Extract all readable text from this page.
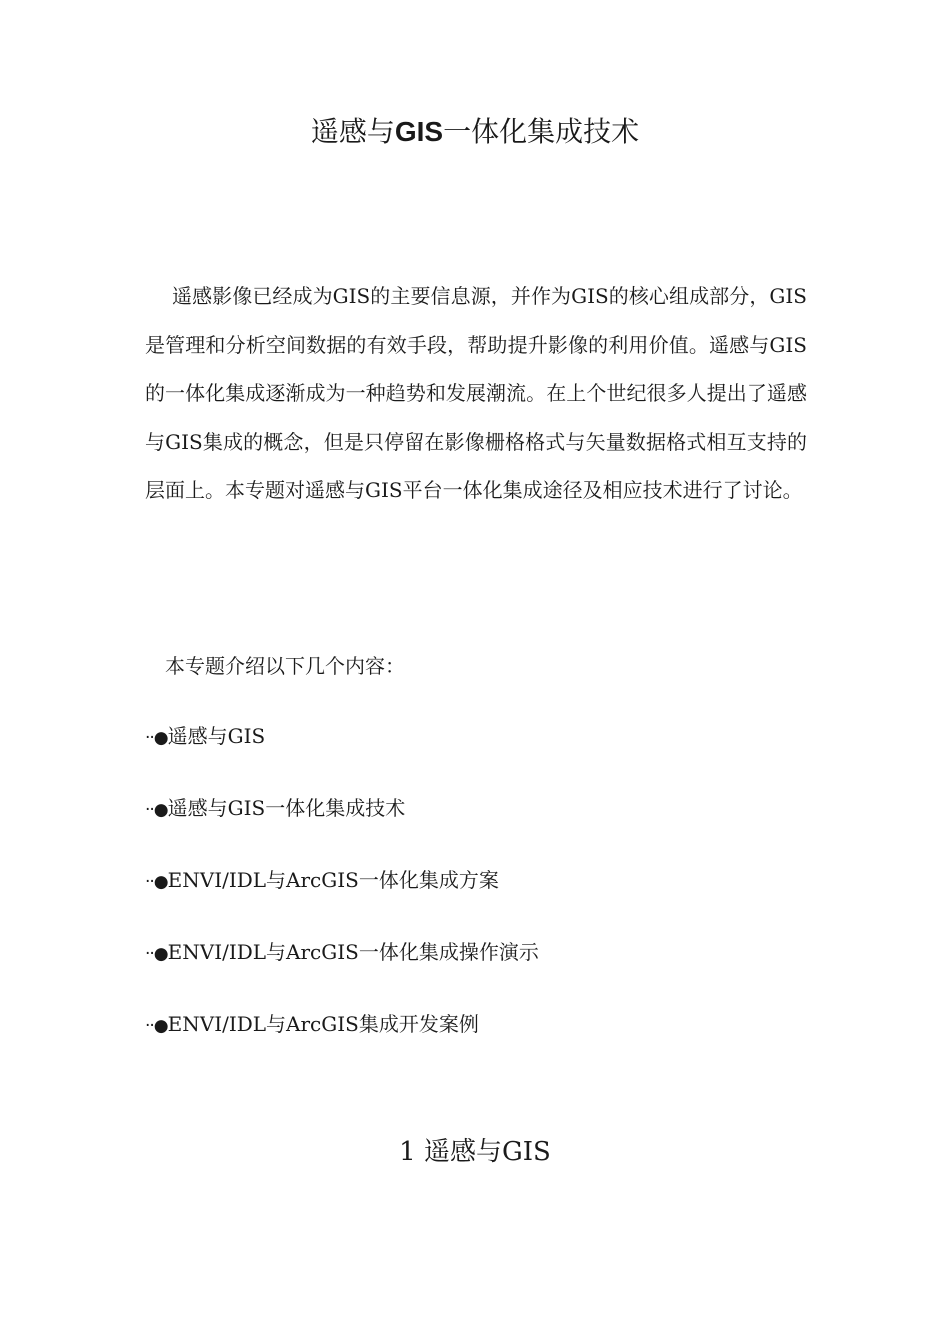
遥感与GIS一体化集成技术

遥感影像已经成为GIS的主要信息源，并作为GIS的核心组成部分，GIS是管理和分析空间数据的有效手段，帮助提升影像的利用价值。遥感与GIS的一体化集成逐渐成为一种趋势和发展潮流。在上个世纪很多人提出了遥感与GIS集成的概念，但是只停留在影像栅格格式与矢量数据格式相互支持的层面上。本专题对遥感与GIS平台一体化集成途径及相应技术进行了讨论。

本专题介绍以下几个内容：

··●遥感与GIS
··●遥感与GIS一体化集成技术
··●ENVI/IDL与ArcGIS一体化集成方案
··●ENVI/IDL与ArcGIS一体化集成操作演示
··●ENVI/IDL与ArcGIS集成开发案例
1 遥感与GIS
